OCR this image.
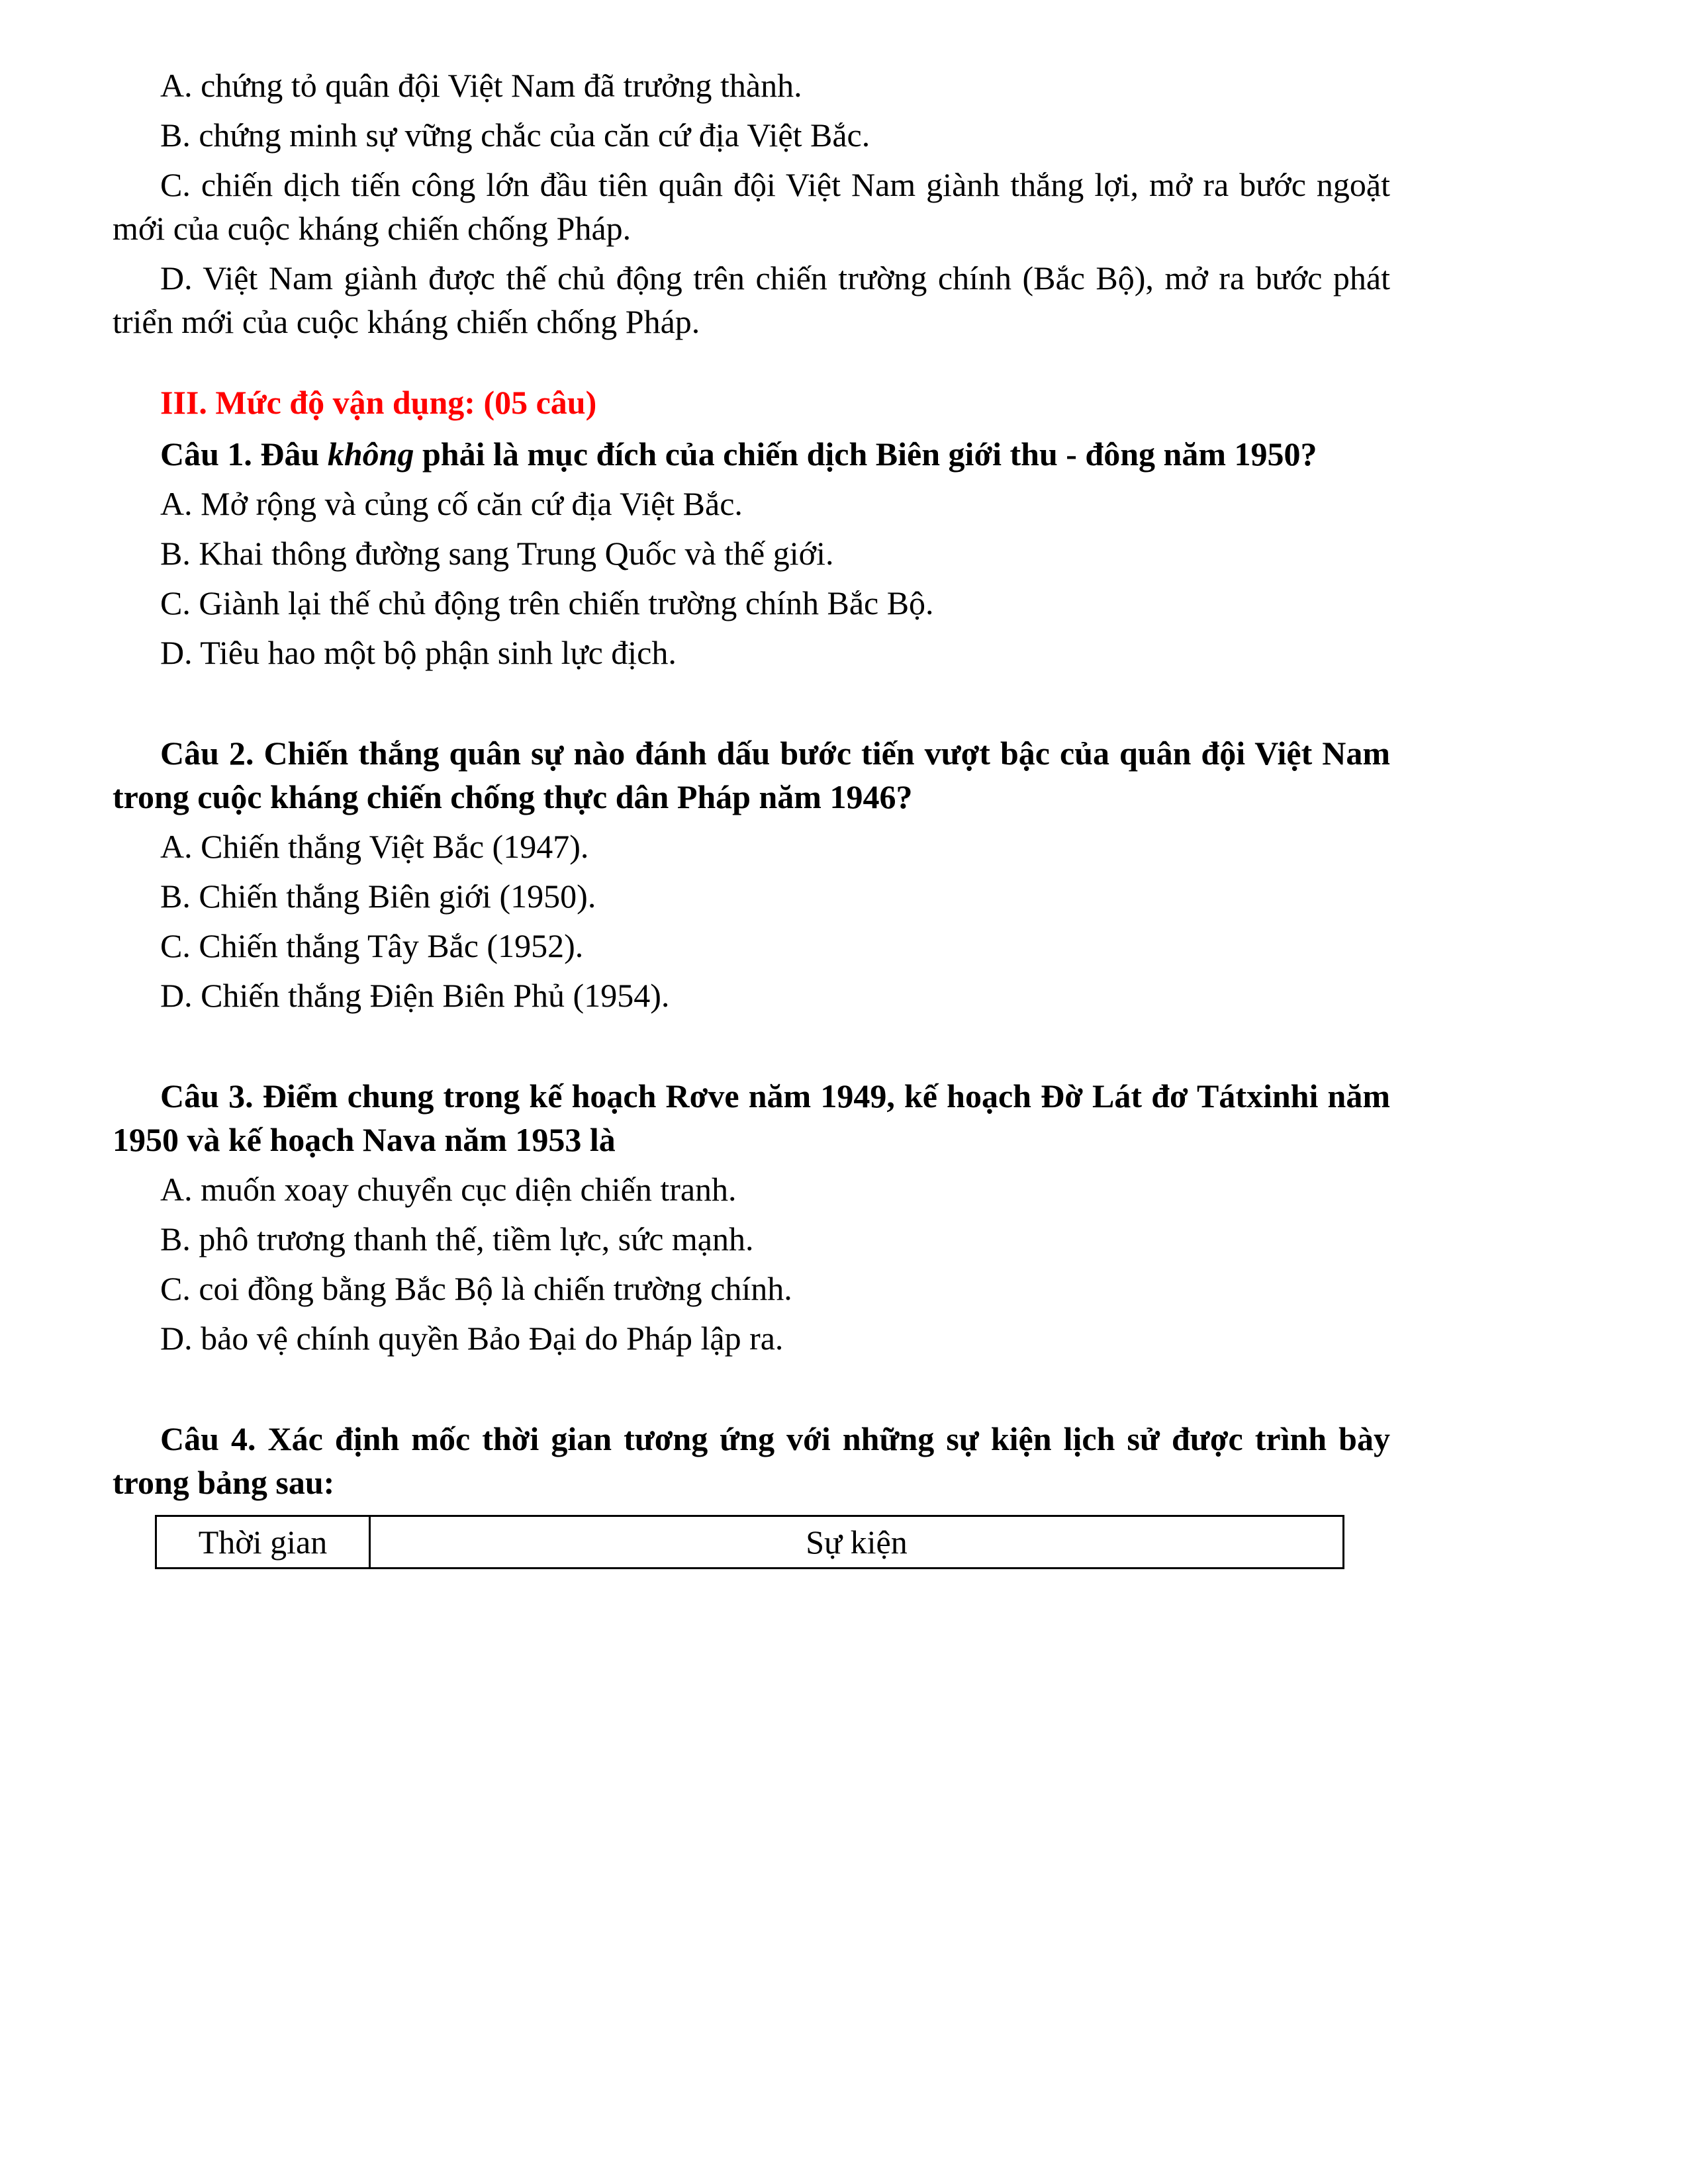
A. chứng tỏ quân đội Việt Nam đã trưởng thành.

B. chứng minh sự vững chắc của căn cứ địa Việt Bắc.

C. chiến dịch tiến công lớn đầu tiên quân đội Việt Nam giành thắng lợi, mở ra bước ngoặt mới của cuộc kháng chiến chống Pháp.

D. Việt Nam giành được thế chủ động trên chiến trường chính (Bắc Bộ), mở ra bước phát triển mới của cuộc kháng chiến chống Pháp.

III. Mức độ vận dụng: (05 câu)

Câu 1. Đâu không phải là mục đích của chiến dịch Biên giới thu - đông năm 1950?

A. Mở rộng và củng cố căn cứ địa Việt Bắc.

B. Khai thông đường sang Trung Quốc và thế giới.

C. Giành lại thế chủ động trên chiến trường chính Bắc Bộ.

D. Tiêu hao một bộ phận sinh lực địch.

Câu 2. Chiến thắng quân sự nào đánh dấu bước tiến vượt bậc của quân đội Việt Nam trong cuộc kháng chiến chống thực dân Pháp năm 1946?

A. Chiến thắng Việt Bắc (1947).

B. Chiến thắng Biên giới (1950).

C. Chiến thắng Tây Bắc (1952).

D. Chiến thắng Điện Biên Phủ (1954).

Câu 3. Điểm chung trong kế hoạch Rơve năm 1949, kế hoạch Đờ Lát đơ Tátxinhi năm 1950 và kế hoạch Nava năm 1953 là

A. muốn xoay chuyển cục diện chiến tranh.

B. phô trương thanh thế, tiềm lực, sức mạnh.

C. coi đồng bằng Bắc Bộ là chiến trường chính.

D. bảo vệ chính quyền Bảo Đại do Pháp lập ra.

Câu 4. Xác định mốc thời gian tương ứng với những sự kiện lịch sử được trình bày trong bảng sau:

Thời gian	Sự kiện
